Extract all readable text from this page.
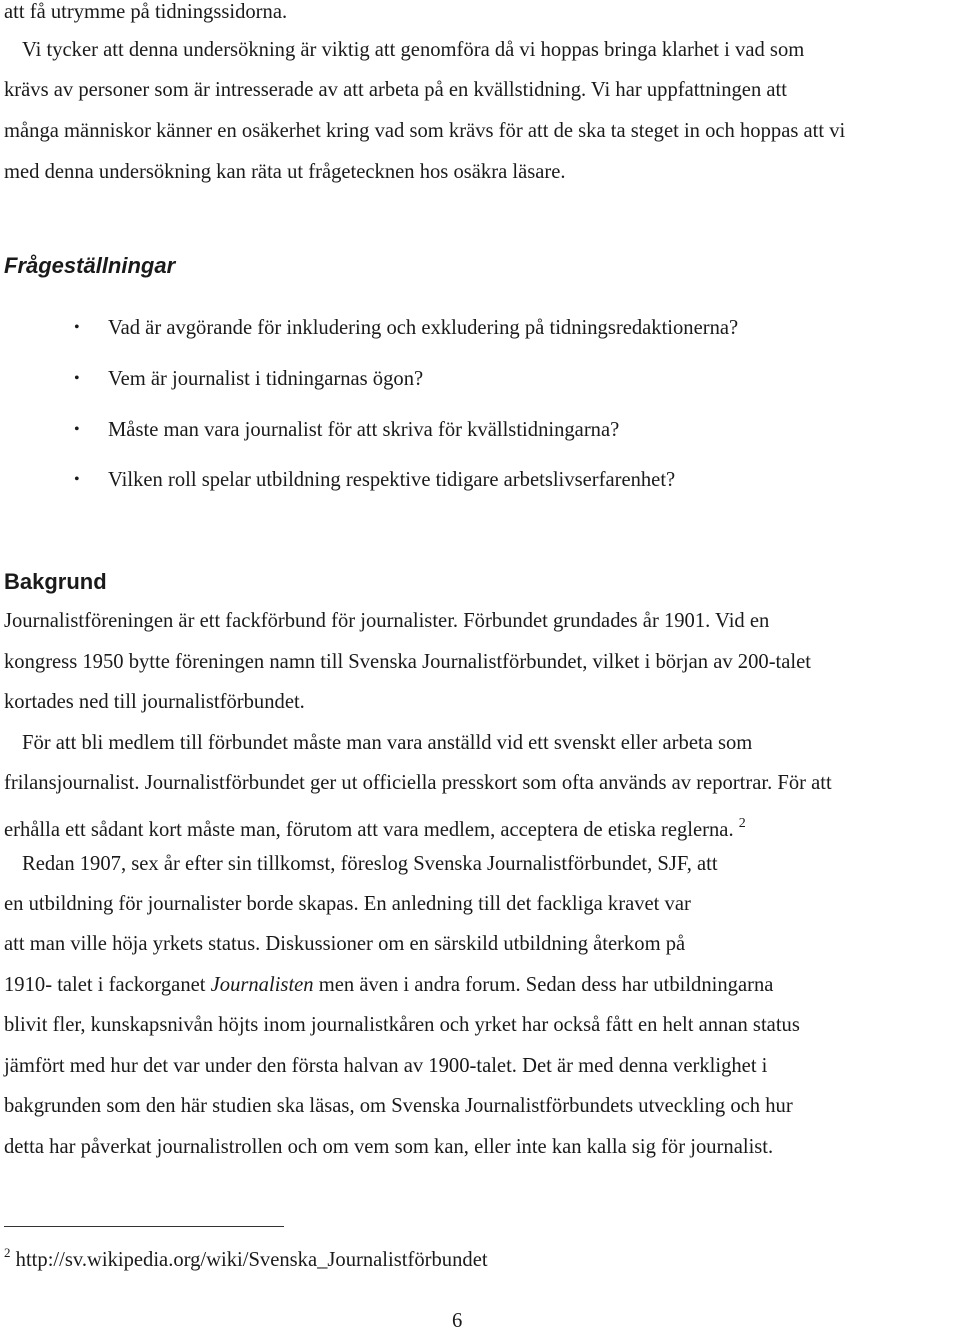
att få utrymme på tidningssidorna.
Vi tycker att denna undersökning är viktig att genomföra då vi hoppas bringa klarhet i vad som
krävs av personer som är intresserade av att arbeta på en kvällstidning. Vi har uppfattningen att
många människor känner en osäkerhet kring vad som krävs för att de ska ta steget in och hoppas att vi
med denna undersökning kan räta ut frågetecknen hos osäkra läsare.
Frågeställningar
• Vad är avgörande för inkludering och exkludering på tidningsredaktionerna?
• Vem är journalist i tidningarnas ögon?
• Måste man vara journalist för att skriva för kvällstidningarna?
• Vilken roll spelar utbildning respektive tidigare arbetslivserfarenhet?
Bakgrund
Journalistföreningen är ett fackförbund för journalister. Förbundet grundades år 1901. Vid en
kongress 1950 bytte föreningen namn till Svenska Journalistförbundet, vilket i början av 200-talet
kortades ned till journalistförbundet.
För att bli medlem till förbundet måste man vara anställd vid ett svenskt eller arbeta som
frilansjournalist. Journalistförbundet ger ut officiella presskort som ofta används av reportrar. För att
erhålla ett sådant kort måste man, förutom att vara medlem, acceptera de etiska reglerna. $^2$
Redan 1907, sex år efter sin tillkomst, föreslog Svenska Journalistförbundet, SJF, att
en utbildning för journalister borde skapas. En anledning till det fackliga kravet var
att man ville höja yrkets status. Diskussioner om en särskild utbildning återkom på
1910- talet i fackorganet Journalisten men även i andra forum. Sedan dess har utbildningarna
blivit fler, kunskapsnivån höjts inom journalistkåren och yrket har också fått en helt annan status
jämfört med hur det var under den första halvan av 1900-talet. Det är med denna verklighet i
bakgrunden som den här studien ska läsas, om Svenska Journalistförbundets utveckling och hur
detta har påverkat journalistrollen och om vem som kan, eller inte kan kalla sig för journalist.
$^2$ http://sv.wikipedia.org/wiki/Svenska_Journalistförbundet
6
